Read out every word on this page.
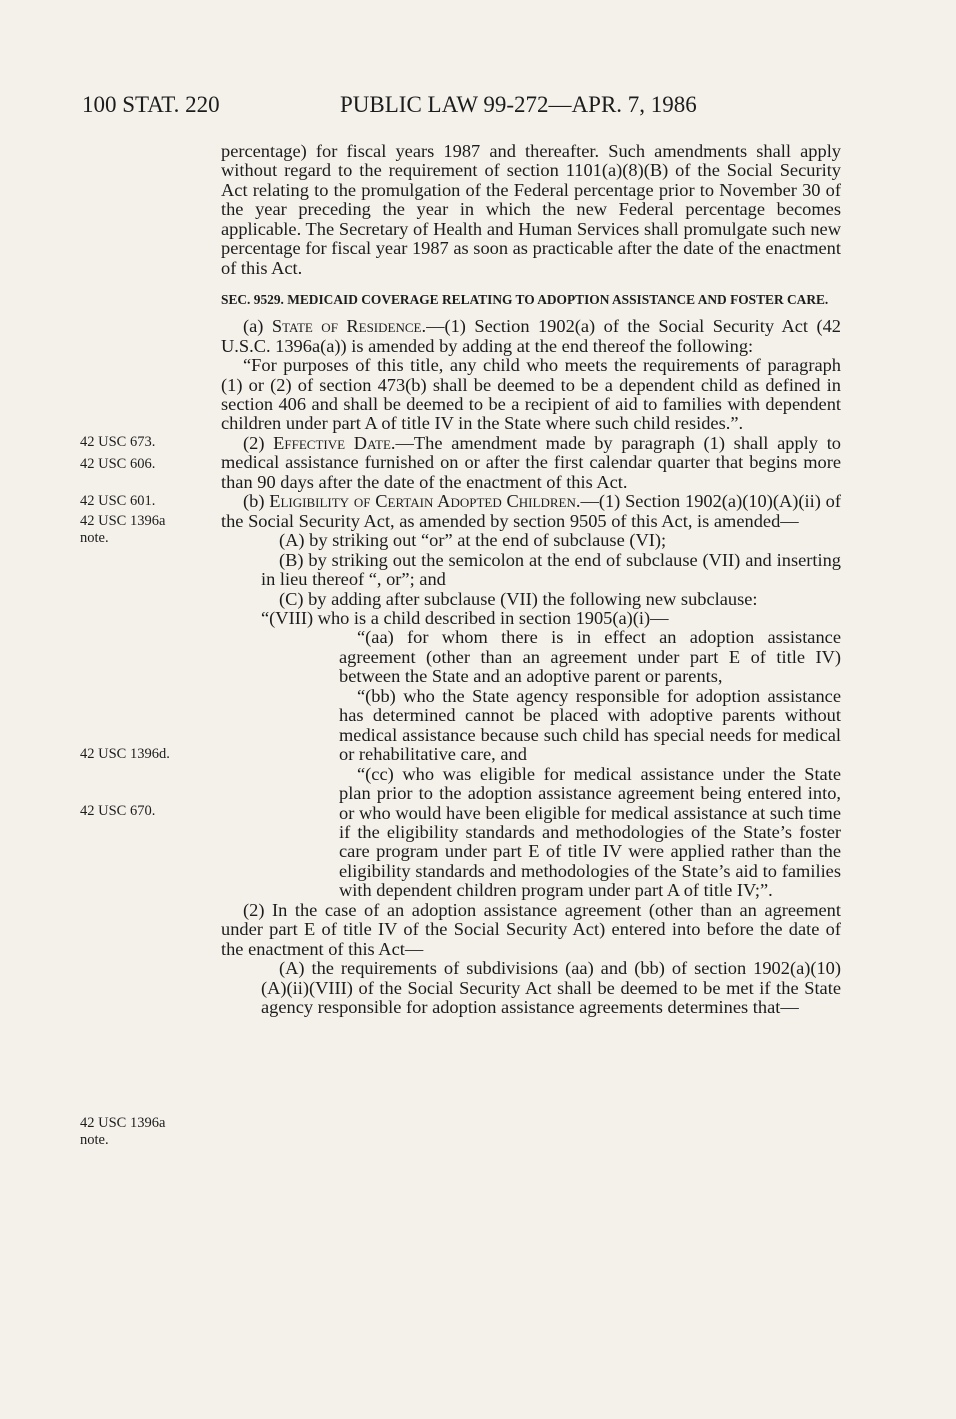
100 STAT. 220	PUBLIC LAW 99-272—APR. 7, 1986
42 USC 673.
42 USC 606.
42 USC 601.
42 USC 1396a
note.
42 USC 1396d.
42 USC 670.
42 USC 1396a
note.

percentage) for fiscal years 1987 and thereafter. Such amendments shall apply without regard to the requirement of section 1101(a)(8)(B) of the Social Security Act relating to the promulgation of the Federal percentage prior to November 30 of the year preceding the year in which the new Federal percentage becomes applicable. The Secretary of Health and Human Services shall promulgate such new percentage for fiscal year 1987 as soon as practicable after the date of the enactment of this Act.

SEC. 9529. MEDICAID COVERAGE RELATING TO ADOPTION ASSISTANCE AND FOSTER CARE.

(a) State of Residence.—(1) Section 1902(a) of the Social Security Act (42 U.S.C. 1396a(a)) is amended by adding at the end thereof the following:

“For purposes of this title, any child who meets the requirements of paragraph (1) or (2) of section 473(b) shall be deemed to be a dependent child as defined in section 406 and shall be deemed to be a recipient of aid to families with dependent children under part A of title IV in the State where such child resides.”.

(2) Effective Date.—The amendment made by paragraph (1) shall apply to medical assistance furnished on or after the first calendar quarter that begins more than 90 days after the date of the enactment of this Act.

(b) Eligibility of Certain Adopted Children.—(1) Section 1902(a)(10)(A)(ii) of the Social Security Act, as amended by section 9505 of this Act, is amended—

(A) by striking out “or” at the end of subclause (VI);

(B) by striking out the semicolon at the end of subclause (VII) and inserting in lieu thereof “, or”; and

(C) by adding after subclause (VII) the following new subclause:

“(VIII) who is a child described in section 1905(a)(i)—

“(aa) for whom there is in effect an adoption assistance agreement (other than an agreement under part E of title IV) between the State and an adoptive parent or parents,

“(bb) who the State agency responsible for adoption assistance has determined cannot be placed with adoptive parents without medical assistance because such child has special needs for medical or rehabilitative care, and

“(cc) who was eligible for medical assistance under the State plan prior to the adoption assistance agreement being entered into, or who would have been eligible for medical assistance at such time if the eligibility standards and methodologies of the State’s foster care program under part E of title IV were applied rather than the eligibility standards and methodologies of the State’s aid to families with dependent children program under part A of title IV;”.

(2) In the case of an adoption assistance agreement (other than an agreement under part E of title IV of the Social Security Act) entered into before the date of the enactment of this Act—

(A) the requirements of subdivisions (aa) and (bb) of section 1902(a)(10)(A)(ii)(VIII) of the Social Security Act shall be deemed to be met if the State agency responsible for adoption assistance agreements determines that—
